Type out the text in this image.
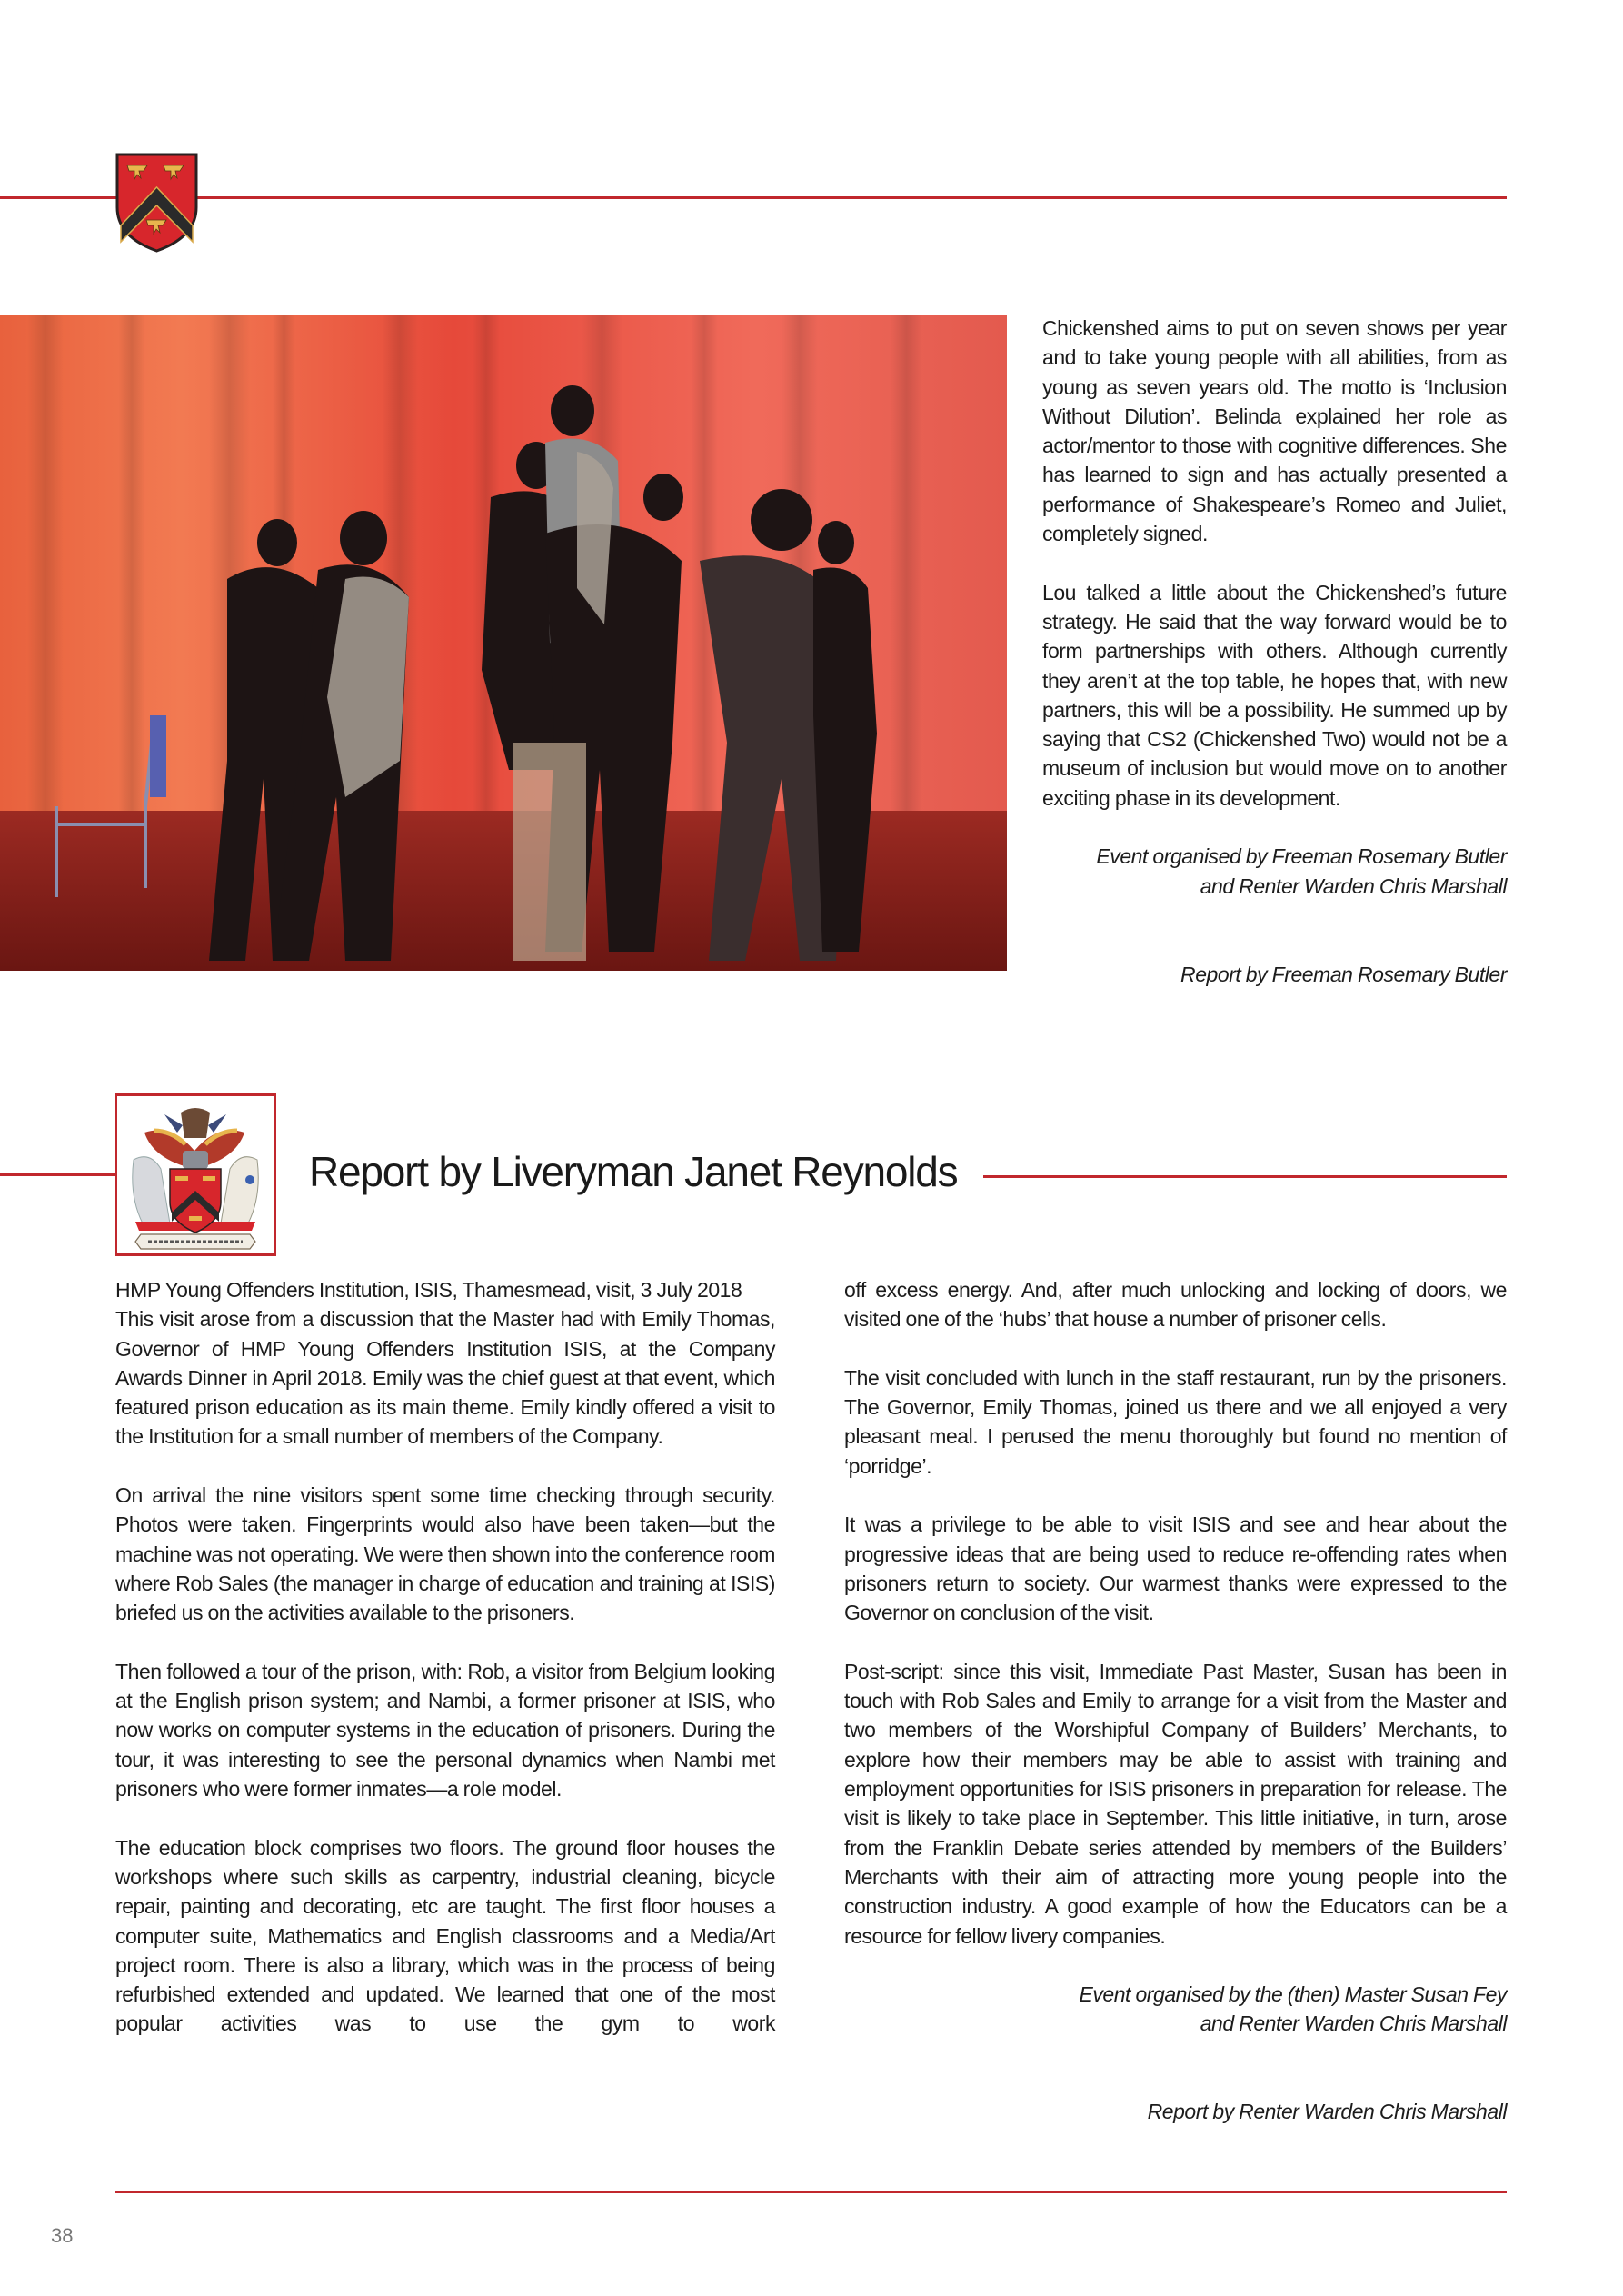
Chickenshed aims to put on seven shows per year and to take young people with all abilities, from as young as seven years old. The motto is ‘Inclusion Without Dilution’. Belinda explained her role as actor/mentor to those with cognitive differences. She has learned to sign and has actually presented a performance of Shakespeare’s Romeo and Juliet, completely signed.

Lou talked a little about the Chickenshed’s future strategy. He said that the way forward would be to form partnerships with others. Although currently they aren’t at the top table, he hopes that, with new partners, this will be a possibility. He summed up by saying that CS2 (Chickenshed Two) would not be a museum of inclusion but would move on to another exciting phase in its development.

Event organised by Freeman Rosemary Butler
and Renter Warden Chris Marshall

Report by Freeman Rosemary Butler

Report by Liveryman Janet Reynolds

HMP Young Offenders Institution, ISIS, Thamesmead, visit, 3 July 2018

This visit arose from a discussion that the Master had with Emily Thomas, Governor of HMP Young Offenders Institution ISIS, at the Company Awards Dinner in April 2018. Emily was the chief guest at that event, which featured prison education as its main theme. Emily kindly offered a visit to the Institution for a small number of members of the Company.

On arrival the nine visitors spent some time checking through security. Photos were taken. Fingerprints would also have been taken—but the machine was not operating. We were then shown into the conference room where Rob Sales (the manager in charge of education and training at ISIS) briefed us on the activities available to the prisoners.

Then followed a tour of the prison, with: Rob, a visitor from Belgium looking at the English prison system; and Nambi, a former prisoner at ISIS, who now works on computer systems in the education of prisoners. During the tour, it was interesting to see the personal dynamics when Nambi met prisoners who were former inmates—a role model.

The education block comprises two floors. The ground floor houses the workshops where such skills as carpentry, industrial cleaning, bicycle repair, painting and decorating, etc are taught. The first floor houses a computer suite, Mathematics and English classrooms and a Media/Art project room. There is also a library, which was in the process of being refurbished extended and updated. We learned that one of the most popular activities was to use the gym to work

off excess energy. And, after much unlocking and locking of doors, we visited one of the ‘hubs’ that house a number of prisoner cells.

The visit concluded with lunch in the staff restaurant, run by the prisoners. The Governor, Emily Thomas, joined us there and we all enjoyed a very pleasant meal. I perused the menu thoroughly but found no mention of ‘porridge’.

It was a privilege to be able to visit ISIS and see and hear about the progressive ideas that are being used to reduce re-offending rates when prisoners return to society. Our warmest thanks were expressed to the Governor on conclusion of the visit.

Post-script: since this visit, Immediate Past Master, Susan has been in touch with Rob Sales and Emily to arrange for a visit from the Master and two members of the Worshipful Company of Builders’ Merchants, to explore how their members may be able to assist with training and employment opportunities for ISIS prisoners in preparation for release. The visit is likely to take place in September. This little initiative, in turn, arose from the Franklin Debate series attended by members of the Builders’ Merchants with their aim of attracting more young people into the construction industry. A good example of how the Educators can be a resource for fellow livery companies.

Event organised by the (then) Master Susan Fey
and Renter Warden Chris Marshall

Report by Renter Warden Chris Marshall

38
